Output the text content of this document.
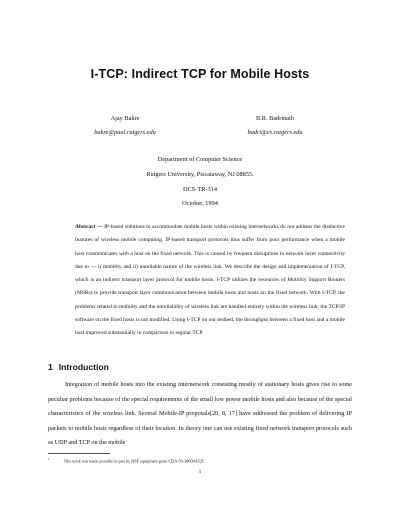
I-TCP: Indirect TCP for Mobile Hosts
Ajay Bakre
bakre@paul.rutgers.edu
B.R. Badrinath
badri@cs.rutgers.edu
Department of Computer Science
Rutgers University, Piscataway, NJ 08855.
DCS-TR-314
October, 1994

Abstract — IP-based solutions to accommodate mobile hosts within existing internetworks do not address the distinctive features of wireless mobile computing. IP-based transport protocols thus suffer from poor performance when a mobile host communicates with a host on the fixed network. This is caused by frequent disruptions in network layer connectivity due to — i) mobility and ii) unreliable nature of the wireless link. We describe the design and implementation of I-TCP, which is an indirect transport layer protocol for mobile hosts. I-TCP utilizes the resources of Mobility Support Routers (MSRs) to provide transport layer communication between mobile hosts and hosts on the fixed network. With I-TCP, the problems related to mobility and the unreliability of wireless link are handled entirely within the wireless link; the TCP/IP software on the fixed hosts is not modified. Using I-TCP on our testbed, the throughput between a fixed host and a mobile host improved substantially in comparison to regular TCP.

1 Introduction

Integration of mobile hosts into the existing internetwork consisting mostly of stationary hosts gives rise to some peculiar problems because of the special requirements of the small low power mobile hosts and also because of the special characteristics of the wireless link. Several Mobile-IP proposals[20, 8, 17] have addressed the problem of delivering IP packets to mobile hosts regardless of their location. In theory one can use existing fixed network transport protocols such as UDP and TCP on the mobile

$^1$	This work was made possible in part by NSF equipment grant CDA-93-20000-EQT.
1
